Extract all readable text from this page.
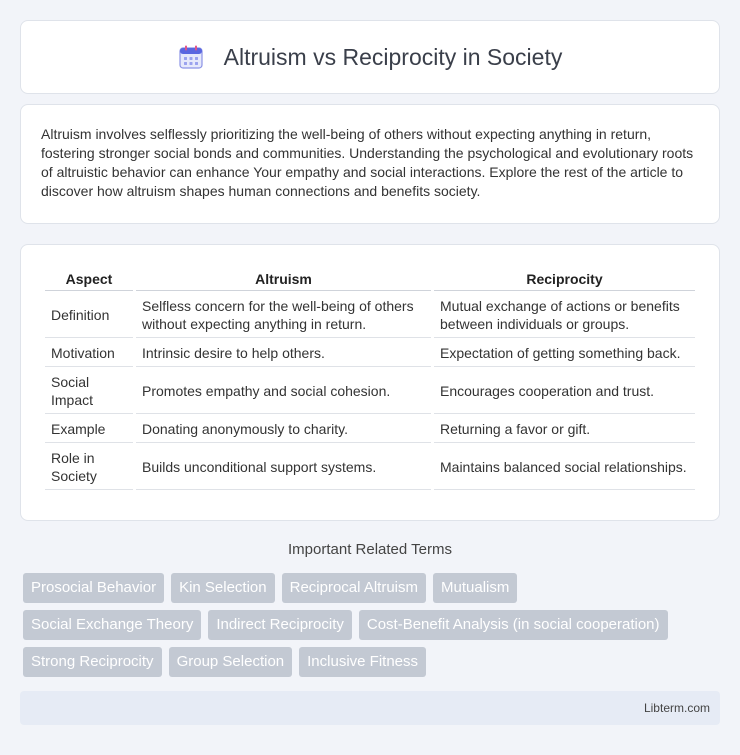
Altruism vs Reciprocity in Society

Altruism involves selflessly prioritizing the well-being of others without expecting anything in return, fostering stronger social bonds and communities. Understanding the psychological and evolutionary roots of altruistic behavior can enhance Your empathy and social interactions. Explore the rest of the article to discover how altruism shapes human connections and benefits society.

Aspect	Altruism	Reciprocity
Definition	Selfless concern for the well-being of others without expecting anything in return.	Mutual exchange of actions or benefits between individuals or groups.
Motivation	Intrinsic desire to help others.	Expectation of getting something back.
Social Impact	Promotes empathy and social cohesion.	Encourages cooperation and trust.
Example	Donating anonymously to charity.	Returning a favor or gift.
Role in Society	Builds unconditional support systems.	Maintains balanced social relationships.
Important Related Terms
Prosocial Behavior	Kin Selection	Reciprocal Altruism	Mutualism
Social Exchange Theory	Indirect Reciprocity	Cost-Benefit Analysis (in social cooperation)
Strong Reciprocity	Group Selection	Inclusive Fitness
Libterm.com
